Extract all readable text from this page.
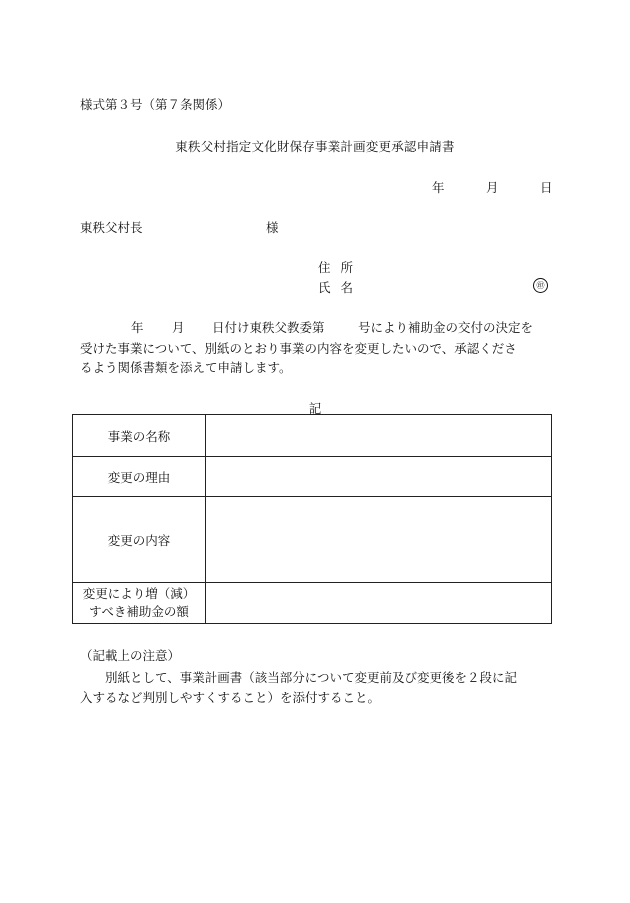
様式第３号（第７条関係）
東秩父村指定文化財保存事業計画変更承認申請書
年	月	日
東秩父村長	様
住所
氏名	㊞
年 月 日付け東秩父教委第	号により補助金の交付の決定を
受けた事業について、別紙のとおり事業の内容を変更したいので、承認くださ
るよう関係書類を添えて申請します。
記
事業の名称	
変更の理由	
変更の内容	

変更により増（減）
すべき補助金の額	

（記載上の注意）
　　別紙として、事業計画書（該当部分について変更前及び変更後を２段に記
入するなど判別しやすくすること）を添付すること。
